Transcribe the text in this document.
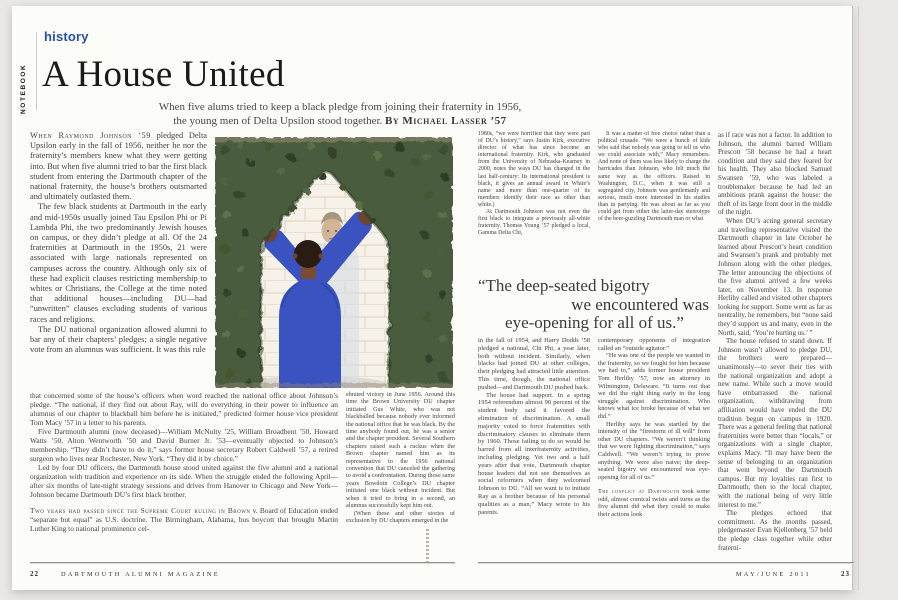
NOTEBOOK
history
A House United
When five alums tried to keep a black pledge from joining their fraternity in 1956,
the young men of Delta Upsilon stood together. By Michael Lasser ’57

When Raymond Johnson ’59 pledged Delta Upsilon early in the fall of 1956, neither he nor the fraternity’s members knew what they were getting into. But when five alumni tried to bar the first black student from entering the Dartmouth chapter of the national fraternity, the house’s brothers outsmarted and ultimately outlasted them.

The few black students at Dartmouth in the early and mid-1950s usually joined Tau Epsilon Phi or Pi Lambda Phi, the two predominantly Jewish houses on campus, or they didn’t pledge at all. Of the 24 fraternities at Dartmouth in the 1950s, 21 were associated with large nationals represented on campuses across the country. Although only six of these had explicit clauses restricting membership to whites or Christians, the College at the time noted that additional houses—including DU—had “unwritten” clauses excluding students of various races and religions.

The DU national organization allowed alumni to bar any of their chapters’ pledges; a single negative vote from an alumnus was sufficient. It was this rule

that concerned some of the house’s officers when word reached the national office about Johnson’s pledge. “The national, if they find out about Ray, will do everything in their power to influence an alumnus of our chapter to blackball him before he is initiated,” predicted former house vice president Tom Macy ’57 in a letter to his parents.

Five Dartmouth alumni (now deceased)—William McNulty ’25, William Broadbent ’50, Howard Watts ’50, Alton Wentworth ’50 and David Burner Jr. ’53—eventually objected to Johnson’s membership. “They didn’t have to do it,” says former house secretary Robert Caldwell ’57, a retired surgeon who lives near Rochester, New York. “They did it by choice.”

Led by four DU officers, the Dartmouth house stood united against the five alumni and a national organization with tradition and experience on its side. When the struggle ended the following April—after six months of late-night strategy sessions and drives from Hanover to Chicago and New York—Johnson became Dartmouth DU’s first black brother.

Two years had passed since the Supreme Court ruling in Brown v. Board of Education ended “separate but equal” as U.S. doctrine. The Birmingham, Alabama, bus boycott that brought Martin Luther King to national prominence cel-

ebrated victory in June 1956. Around this time the Brown University DU chapter initiated Gus White, who was not blackballed because nobody ever informed the national office that he was black. By the time anybody found out, he was a senior and the chapter president. Several Southern chapters raised such a ruckus when the Brown chapter named him as its representative to the 1956 national convention that DU canceled the gathering to avoid a confrontation. During those same years Bowdoin College’s DU chapter initiated one black without incident. But when it tried to bring in a second, an alumnus successfully kept him out.

(When these and other stories of exclusion by DU chapters emerged in the

1980s, “we were horrified that they were part of DU’s history,” says Justin Kirk, executive director of what has since become an international fraternity. Kirk, who graduated from the University of Nebraska-Kearney in 2000, notes the ways DU has changed in the last half-century: Its international president is black, it gives an annual award in White’s name and more than one-quarter of its members identify their race as other than white.)

At Dartmouth Johnson was not even the first black to integrate a previously all-white fraternity. Thomas Young ’57 pledged a local, Gamma Delta Chi,

It was a matter of free choice rather than a political crusade. “We were a bunch of kids who said that nobody was going to tell us who we could associate with,” Macy remembers. And none of them was less likely to charge the barricades than Johnson, who felt much the same way as the officers. Raised in Washington, D.C., when it was still a segregated city, Johnson was gentlemanly and serious, much more interested in his studies than in partying. He was about as far as you could get from either the latter-day stereotype of the beer-guzzling Dartmouth man or what

“The deep-seated bigotry
we encountered was
eye-opening for all of us.”

in the fall of 1954, and Harry Dodds ’58 pledged a national, Chi Phi, a year later, both without incident. Similarly, when blacks had joined DU at other colleges, their pledging had attracted little attention. This time, though, the national office pushed—and Dartmouth DU pushed back.

The house had support. In a spring 1954 referendum almost 90 percent of the student body said it favored the elimination of discrimination. A small majority voted to force fraternities with discriminatory clauses to eliminate them by 1960. Those failing to do so would be barred from all interfraternity activities, including pledging. Yet two and a half years after that vote, Dartmouth chapter house leaders did not see themselves as social reformers when they welcomed Johnson to DU. “All we want is to initiate Ray as a brother because of his personal qualities as a man,” Macy wrote to his parents.

contemporary opponents of integration called an “outside agitator.”

“He was one of the people we wanted in the fraternity, so we fought for him because we had to,” adds former house president Tom Herlihy ’57, now an attorney in Wilmington, Delaware. “It turns out that we did the right thing early in the long struggle against discrimination. Who knows what ice broke because of what we did.”

Herlihy says he was startled by the intensity of the “firestorm of ill will” from other DU chapters. “We weren’t thinking that we were fighting discrimination,” says Caldwell. “We weren’t trying to prove anything. We were also naive; the deep-seated bigotry we encountered was eye-opening for all of us.”

The conflict at Dartmouth took some odd, almost comical twists and turns as the five alumni did what they could to make their actions look

as if race was not a factor. In addition to Johnson, the alumni barred William Prescott ’58 because he had a heart condition and they said they feared for his health. They also blocked Samuel Swansen ’59, who was labeled a troublemaker because he had led an ambitious prank against the house: the theft of its large front door in the middle of the night.

When DU’s acting general secretary and traveling representative visited the Dartmouth chapter in late October he learned about Prescott’s heart condition and Swansen’s prank and probably met Johnson along with the other pledges. The letter announcing the objections of the five alumni arrived a few weeks later, on November 13. In response Herlihy called and visited other chapters looking for support. Some went as far as neutrality, he remembers, but “none said they’d support us and many, even in the North, said, ‘You’re hurting us.’ ”

The house refused to stand down. If Johnson wasn’t allowed to pledge DU, the brothers were prepared—unanimously—to sever their ties with the national organization and adopt a new name. While such a move would have embarrassed the national organization, withdrawing from affiliation would have ended the DU tradition begun on campus in 1920. There was a general feeling that national fraternities were better than “locals,” or organizations with a single chapter, explains Macy. “It may have been the sense of belonging to an organization that went beyond the Dartmouth campus. But my loyalties ran first to Dartmouth, then to the local chapter, with the national being of very little interest to me.”

The pledges echoed that commitment. As the months passed, pledgemaster Evan Kjellenberg ’57 held the pledge class together while other fraterni-

22	DARTMOUTH ALUMNI MAGAZINE	MAY/JUNE 2011	23
